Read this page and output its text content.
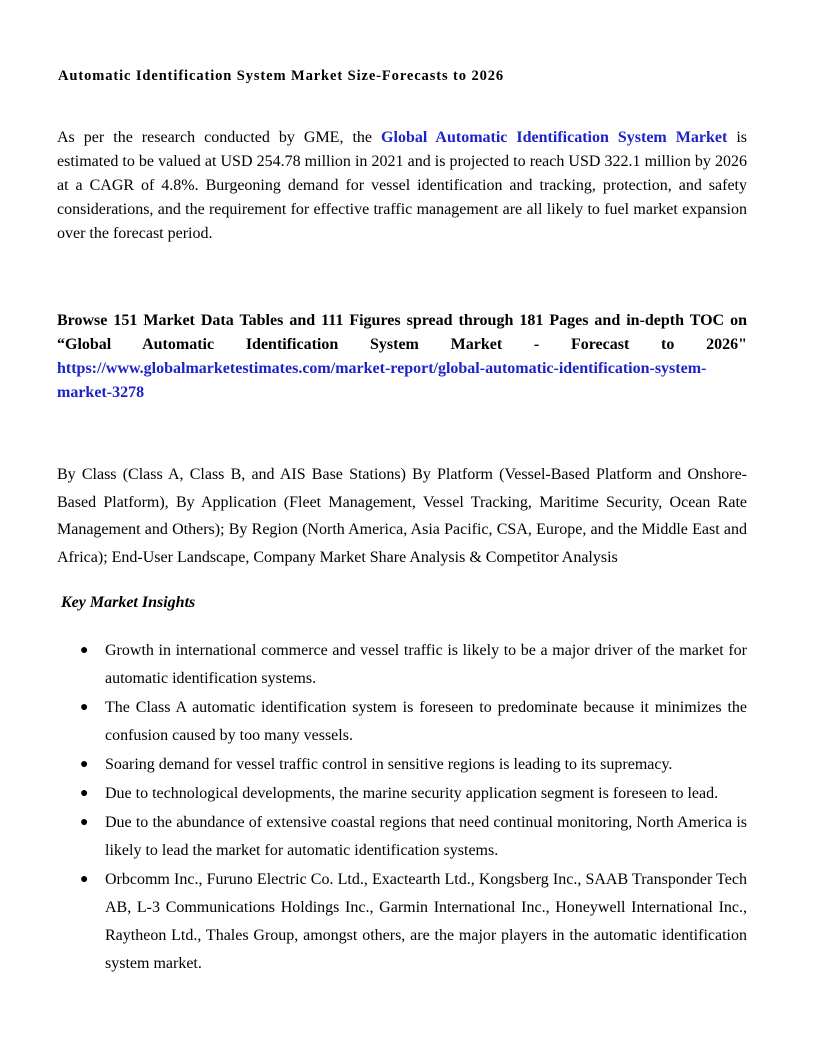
Automatic Identification System Market Size-Forecasts to 2026

As per the research conducted by GME, the Global Automatic Identification System Market is estimated to be valued at USD 254.78 million in 2021 and is projected to reach USD 322.1 million by 2026 at a CAGR of 4.8%. Burgeoning demand for vessel identification and tracking, protection, and safety considerations, and the requirement for effective traffic management are all likely to fuel market expansion over the forecast period.

Browse 151 Market Data Tables and 111 Figures spread through 181 Pages and in-depth TOC on “Global Automatic Identification System Market - Forecast to 2026" https://www.globalmarketestimates.com/market-report/global-automatic-identification-system-market-3278

By Class (Class A, Class B, and AIS Base Stations) By Platform (Vessel-Based Platform and Onshore-Based Platform), By Application (Fleet Management, Vessel Tracking, Maritime Security, Ocean Rate Management and Others); By Region (North America, Asia Pacific, CSA, Europe, and the Middle East and Africa); End-User Landscape, Company Market Share Analysis & Competitor Analysis

Key Market Insights
● Growth in international commerce and vessel traffic is likely to be a major driver of the market for automatic identification systems.
● The Class A automatic identification system is foreseen to predominate because it minimizes the confusion caused by too many vessels.
● Soaring demand for vessel traffic control in sensitive regions is leading to its supremacy.
● Due to technological developments, the marine security application segment is foreseen to lead.
● Due to the abundance of extensive coastal regions that need continual monitoring, North America is likely to lead the market for automatic identification systems.
● Orbcomm Inc., Furuno Electric Co. Ltd., Exactearth Ltd., Kongsberg Inc., SAAB Transponder Tech AB, L-3 Communications Holdings Inc., Garmin International Inc., Honeywell International Inc., Raytheon Ltd., Thales Group, amongst others, are the major players in the automatic identification system market.
